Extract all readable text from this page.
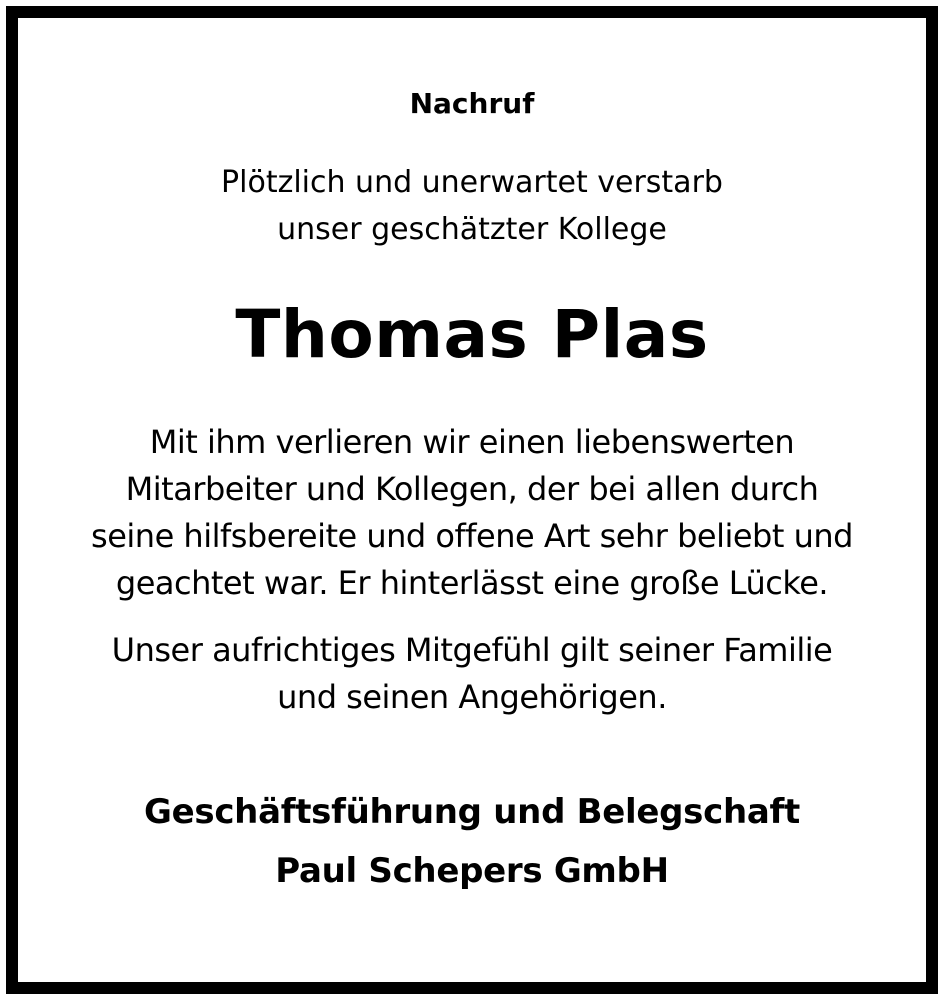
Nachruf
Plötzlich und unerwartet verstarb
unser geschätzter Kollege
Thomas Plas
Mit ihm verlieren wir einen liebenswerten
Mitarbeiter und Kollegen, der bei allen durch
seine hilfsbereite und offene Art sehr beliebt und
geachtet war. Er hinterlässt eine große Lücke.
Unser aufrichtiges Mitgefühl gilt seiner Familie
und seinen Angehörigen.
Geschäftsführung und Belegschaft
Paul Schepers GmbH
